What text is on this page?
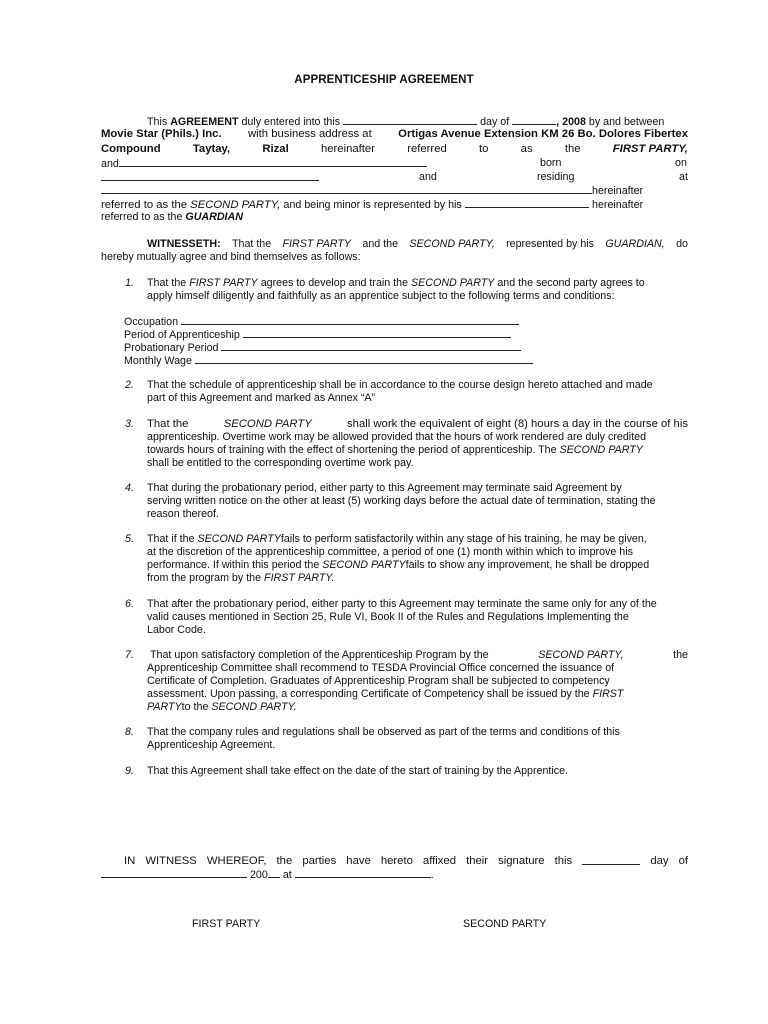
APPRENTICESHIP AGREEMENT
This AGREEMENT duly entered into this	day of	, 2008 by and between
Movie Star (Phils.) Inc. with business address at Ortigas Avenue Extension KM 26 Bo. Dolores Fibertex
Compound	Taytay,	Rizal	hereinafter	referred	to	as	the	FIRST PARTY,
and	born	on
and	residing	at
hereinafter
referred to as the SECOND PARTY, and being minor is represented by his	hereinafter
referred to as the GUARDIAN
WITNESSETH: That the FIRST PARTY and the SECOND PARTY, represented by his GUARDIAN, do
hereby mutually agree and bind themselves as follows:
1. That the FIRST PARTY agrees to develop and train the SECOND PARTY and the second party agrees to
apply himself diligently and faithfully as an apprentice subject to the following terms and conditions:
Occupation
Period of Apprenticeship
Probationary Period
Monthly Wage
2. That the schedule of apprenticeship shall be in accordance to the course design hereto attached and made
part of this Agreement and marked as Annex “A”
3. That the	SECOND PARTY	shall work the equivalent of eight (8) hours a day in the course of his
apprenticeship. Overtime work may be allowed provided that the hours of work rendered are duly credited
towards hours of training with the effect of shortening the period of apprenticeship. The SECOND PARTY
shall be entitled to the corresponding overtime work pay.
4. That during the probationary period, either party to this Agreement may terminate said Agreement by
serving written notice on the other at least (5) working days before the actual date of termination, stating the
reason thereof.
5. That if the SECOND PARTYfails to perform satisfactorily within any stage of his training, he may be given,
at the discretion of the apprenticeship committee, a period of one (1) month within which to improve his
performance. If within this period the SECOND PARTYfails to show any improvement, he shall be dropped
from the program by the FIRST PARTY.
6. That after the probationary period, either party to this Agreement may terminate the same only for any of the
valid causes mentioned in Section 25, Rule VI, Book II of the Rules and Regulations Implementing the
Labor Code.
7. That upon satisfactory completion of the Apprenticeship Program by the	SECOND PARTY,	the
Apprenticeship Committee shall recommend to TESDA Provincial Office concerned the issuance of
Certificate of Completion. Graduates of Apprenticeship Program shall be subjected to competency
assessment. Upon passing, a corresponding Certificate of Competency shall be issued by the FIRST
PARTYto the SECOND PARTY.
8. That the company rules and regulations shall be observed as part of the terms and conditions of this
Apprenticeship Agreement.
9. That this Agreement shall take effect on the date of the start of training by the Apprentice.
IN WITNESS WHEREOF, the parties have hereto affixed their signature this	day of
200 at	.
FIRST PARTY	SECOND PARTY
